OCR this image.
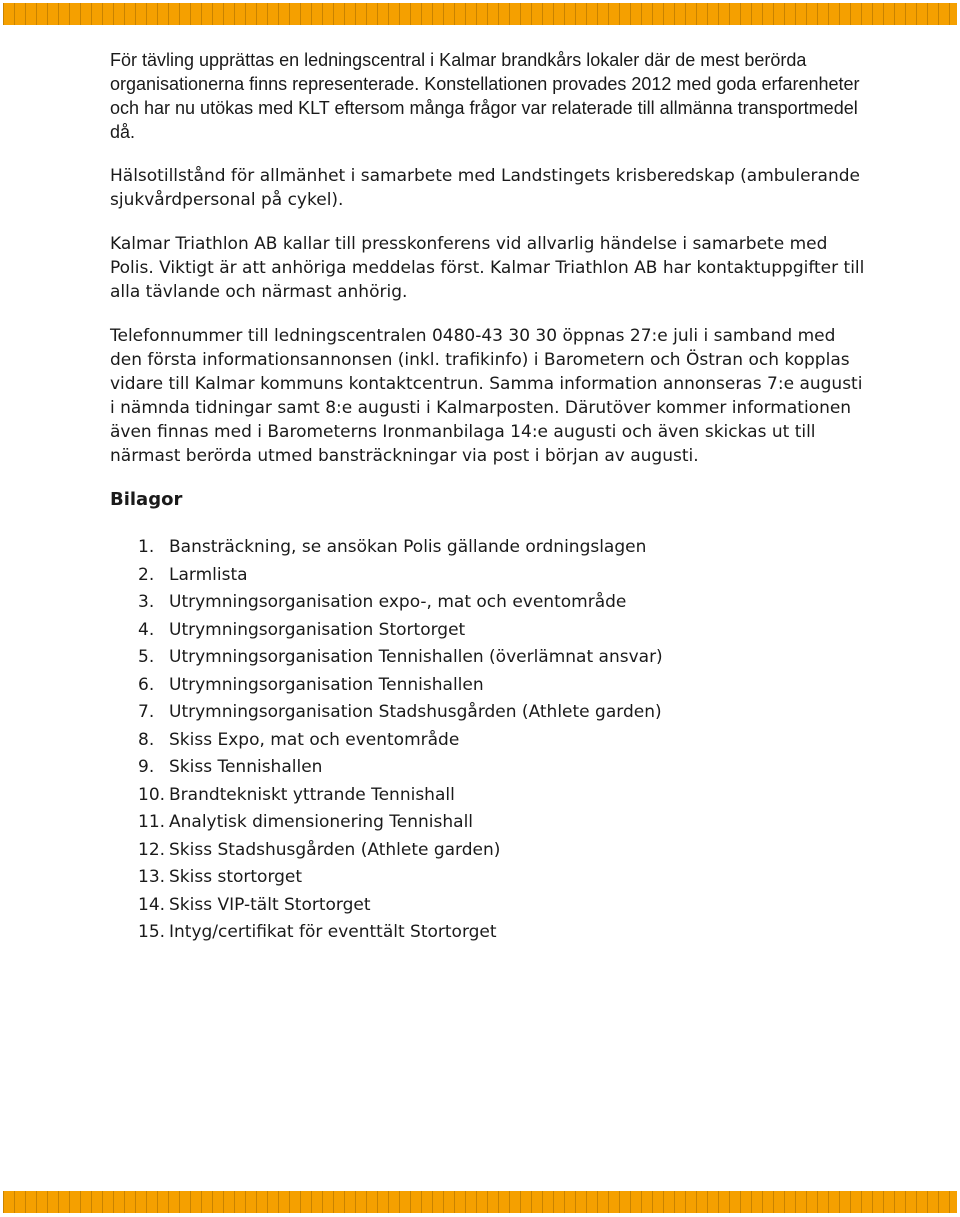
För tävling upprättas en ledningscentral i Kalmar brandkårs lokaler där de mest berörda organisationerna finns representerade. Konstellationen provades 2012 med goda erfarenheter och har nu utökas med KLT eftersom många frågor var relaterade till allmänna transportmedel då.

Hälsotillstånd för allmänhet i samarbete med Landstingets krisberedskap (ambulerande sjukvårdpersonal på cykel).

Kalmar Triathlon AB kallar till presskonferens vid allvarlig händelse i samarbete med Polis. Viktigt är att anhöriga meddelas först. Kalmar Triathlon AB har kontaktuppgifter till alla tävlande och närmast anhörig.

Telefonnummer till ledningscentralen 0480-43 30 30 öppnas 27:e juli i samband med den första informationsannonsen (inkl. trafikinfo) i Barometern och Östran och kopplas vidare till Kalmar kommuns kontaktcentrun. Samma information annonseras 7:e augusti i nämnda tidningar samt 8:e augusti i Kalmarposten. Därutöver kommer informationen även finnas med i Barometerns Ironmanbilaga 14:e augusti och även skickas ut till närmast berörda utmed bansträckningar via post i början av augusti.

Bilagor
1. Bansträckning, se ansökan Polis gällande ordningslagen
2. Larmlista
3. Utrymningsorganisation expo-, mat och eventområde
4. Utrymningsorganisation Stortorget
5. Utrymningsorganisation Tennishallen (överlämnat ansvar)
6. Utrymningsorganisation Tennishallen
7. Utrymningsorganisation Stadshusgården (Athlete garden)
8. Skiss Expo, mat och eventområde
9. Skiss Tennishallen
10. Brandtekniskt yttrande Tennishall
11. Analytisk dimensionering Tennishall
12. Skiss Stadshusgården (Athlete garden)
13. Skiss stortorget
14. Skiss VIP-tält Stortorget
15. Intyg/certifikat för eventtält Stortorget
